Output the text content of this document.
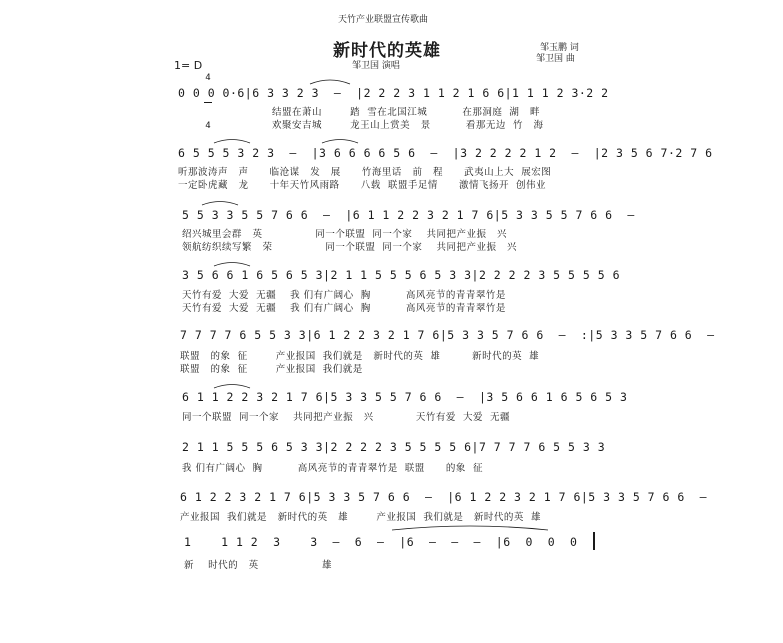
天竹产业联盟宣传歌曲
新时代的英雄	邹玉鹏 词
邹卫国 曲
邹卫国 演唱
1= D

4

4

0 0 0 0·6|6 3 3 2 3  –  |2 2 2 3 1 1 2 1 6 6|1 1 1 2 3·2 2
结盟在萧山        踏  雪在北国江城          在那洞庭  湖   畔
欢聚安吉城        龙王山上赏美   景          看那无边  竹   海
6 5 5 5 3 2 3  –  |3 6 6 6 6 5 6  –  |3 2 2 2 2 1 2  –  |2 3 5 6 7·2 7 6
听那波涛声   声      临沧谋   发   展      竹海里话   前   程      武夷山上大  展宏图
一定卧虎藏   龙      十年天竹风雨路      八载  联盟手足情      激情飞扬开  创伟业
5 5 3 3 5 5 7 6 6  –  |6 1 1 2 2 3 2 1 7 6|5 3 3 5 5 7 6 6  –
绍兴城里会群   英               同一个联盟  同一个家    共同把产业振   兴
领航纺织续写繁   荣               同一个联盟  同一个家    共同把产业振   兴
3 5 6 6 1 6 5 6 5 3|2 1 1 5 5 5 6 5 3 3|2 2 2 2 3 5 5 5 5 6
天竹有爱  大爱  无疆    我 们有广阔心  胸          高风亮节的青青翠竹是
天竹有爱  大爱  无疆    我 们有广阔心  胸          高风亮节的青青翠竹是
7 7 7 7 6 5 5 3 3|6 1 2 2 3 2 1 7 6|5 3 3 5 7 6 6  –  :|5 3 3 5 7 6 6  –
联盟   的象  征        产业报国  我们就是   新时代的英  雄         新时代的英  雄
联盟   的象  征        产业报国  我们就是
6 1 1 2 2 3 2 1 7 6|5 3 3 5 5 7 6 6  –  |3 5 6 6 1 6 5 6 5 3
同一个联盟  同一个家    共同把产业振   兴            天竹有爱  大爱  无疆
2 1 1 5 5 5 6 5 3 3|2 2 2 2 3 5 5 5 5 6|7 7 7 7 6 5 5 3 3
我 们有广阔心  胸          高风亮节的青青翠竹是  联盟      的象  征
6 1 2 2 3 2 1 7 6|5 3 3 5 7 6 6  –  |6 1 2 2 3 2 1 7 6|5 3 3 5 7 6 6  –
产业报国  我们就是   新时代的英   雄        产业报国  我们就是   新时代的英  雄
1    1 1 2  3    3  –  6  –  |6  –  –  –  |6  0  0  0
新    时代的   英                  雄
